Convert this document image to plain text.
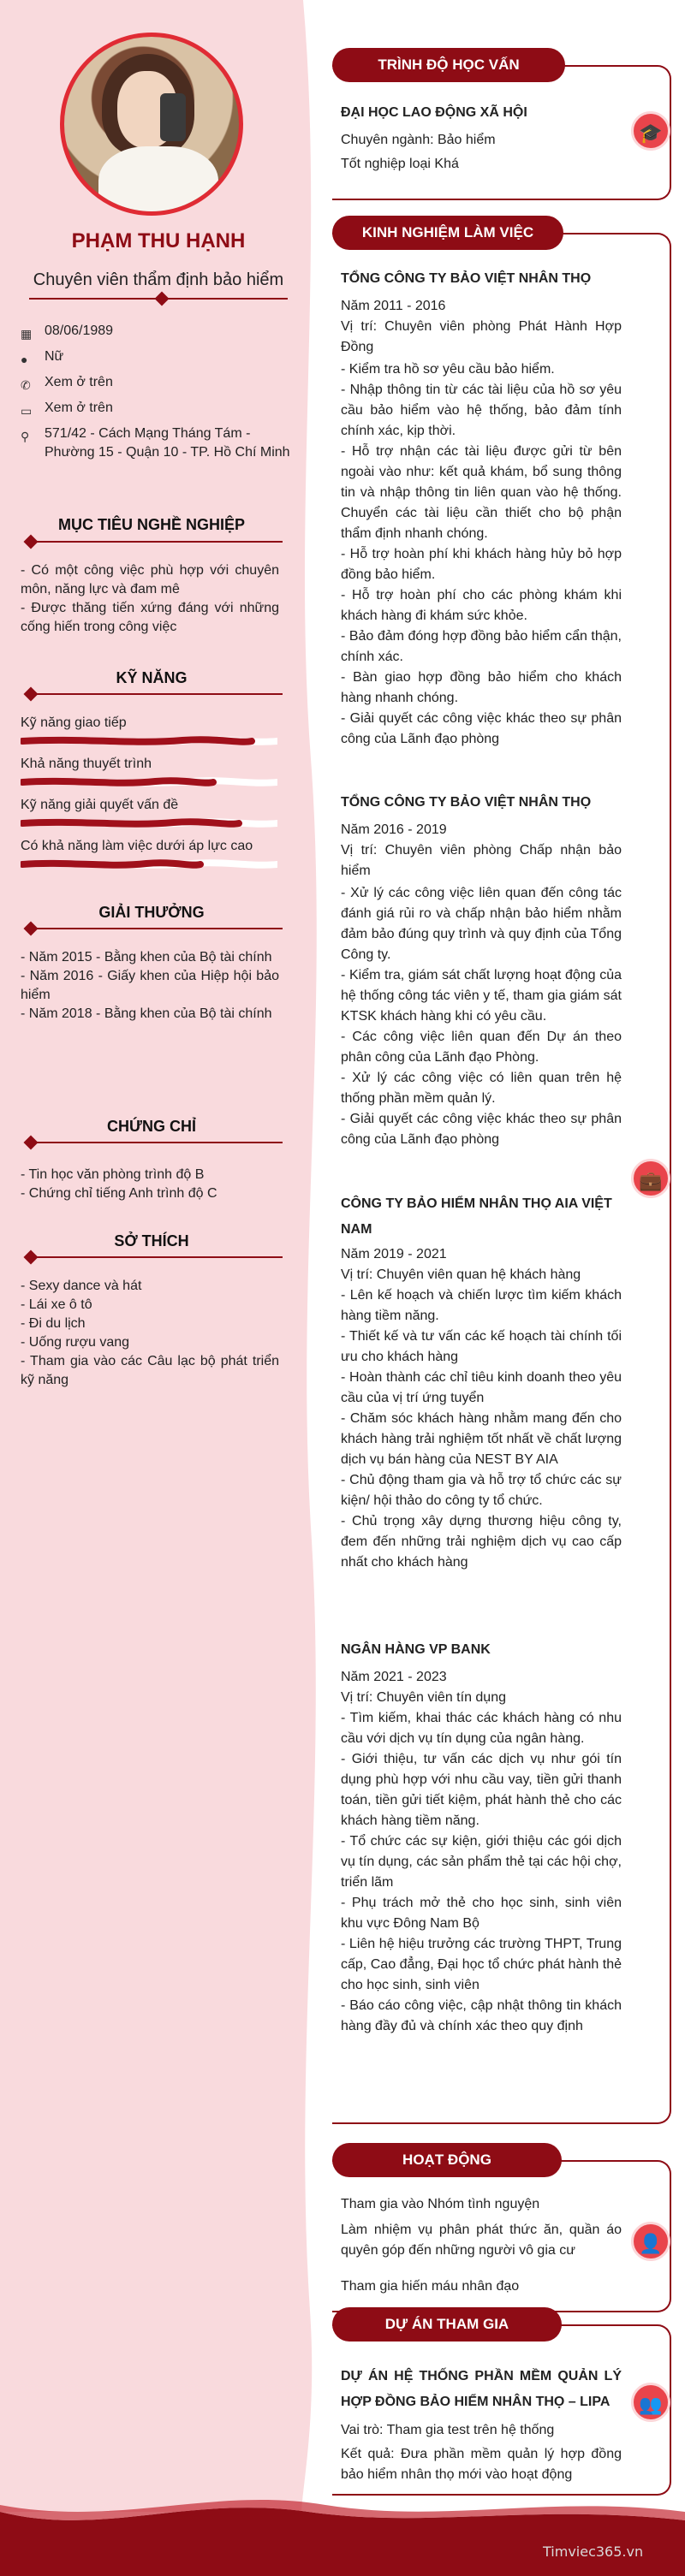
PHẠM THU HẠNH
Chuyên viên thẩm định bảo hiểm
▦ 08/06/1989
●	Nữ
✆ Xem ở trên
▭ Xem ở trên
⚲	571/42 - Cách Mạng Tháng Tám - Phường 15 - Quận 10 - TP. Hồ Chí Minh
MỤC TIÊU NGHỀ NGHIỆP
- Có một công việc phù hợp với chuyên môn, năng lực và đam mê
- Được thăng tiến xứng đáng với những cống hiến trong công việc
KỸ NĂNG
Kỹ năng giao tiếp
Khả năng thuyết trình
Kỹ năng giải quyết vấn đề
Có khả năng làm việc dưới áp lực cao
GIẢI THƯỞNG
- Năm 2015 - Bằng khen của Bộ tài chính
- Năm 2016 - Giấy khen của Hiệp hội bảo hiểm
- Năm 2018 - Bằng khen của Bộ tài chính
CHỨNG CHỈ
- Tin học văn phòng trình độ B
- Chứng chỉ tiếng Anh trình độ C
SỞ THÍCH
- Sexy dance và hát
- Lái xe ô tô
- Đi du lịch
- Uống rượu vang
- Tham gia vào các Câu lạc bộ phát triển kỹ năng
TRÌNH ĐỘ HỌC VẤN
🎓
ĐẠI HỌC LAO ĐỘNG XÃ HỘI
Chuyên ngành: Bảo hiểm
Tốt nghiệp loại Khá
KINH NGHIỆM LÀM VIỆC
💼
TỔNG CÔNG TY BẢO VIỆT NHÂN THỌ
Năm 2011 - 2016
Vị trí: Chuyên viên phòng Phát Hành Hợp Đồng
- Kiểm tra hồ sơ yêu cầu bảo hiểm.
- Nhập thông tin từ các tài liệu của hồ sơ yêu cầu bảo hiểm vào hệ thống, bảo đảm tính chính xác, kịp thời.
- Hỗ trợ nhận các tài liệu được gửi từ bên ngoài vào như: kết quả khám, bổ sung thông tin và nhập thông tin liên quan vào hệ thống. Chuyển các tài liệu cần thiết cho bộ phận thẩm định nhanh chóng.
- Hỗ trợ hoàn phí khi khách hàng hủy bỏ hợp đồng bảo hiểm.
- Hỗ trợ hoàn phí cho các phòng khám khi khách hàng đi khám sức khỏe.
- Bảo đảm đóng hợp đồng bảo hiểm cẩn thận, chính xác.
- Bàn giao hợp đồng bảo hiểm cho khách hàng nhanh chóng.
- Giải quyết các công việc khác theo sự phân công của Lãnh đạo phòng
TỔNG CÔNG TY BẢO VIỆT NHÂN THỌ
Năm 2016 - 2019
Vị trí: Chuyên viên phòng Chấp nhận bảo hiểm
- Xử lý các công việc liên quan đến công tác đánh giá rủi ro và chấp nhận bảo hiểm nhằm đảm bảo đúng quy trình và quy định của Tổng Công ty.
- Kiểm tra, giám sát chất lượng hoạt động của hệ thống công tác viên y tế, tham gia giám sát KTSK khách hàng khi có yêu cầu.
- Các công việc liên quan đến Dự án theo phân công của Lãnh đạo Phòng.
- Xử lý các công việc có liên quan trên hệ thống phần mềm quản lý.
- Giải quyết các công việc khác theo sự phân công của Lãnh đạo phòng
CÔNG TY BẢO HIỂM NHÂN THỌ AIA VIỆT NAM
Năm 2019 - 2021
Vị trí: Chuyên viên quan hệ khách hàng
- Lên kế hoạch và chiến lược tìm kiếm khách hàng tiềm năng.
- Thiết kế và tư vấn các kế hoạch tài chính tối ưu cho khách hàng
- Hoàn thành các chỉ tiêu kinh doanh theo yêu cầu của vị trí ứng tuyển
- Chăm sóc khách hàng nhằm mang đến cho khách hàng trải nghiệm tốt nhất về chất lượng dịch vụ bán hàng của NEST BY AIA
- Chủ động tham gia và hỗ trợ tổ chức các sự kiện/ hội thảo do công ty tổ chức.
- Chủ trọng xây dựng thương hiệu công ty, đem đến những trải nghiệm dịch vụ cao cấp nhất cho khách hàng
NGÂN HÀNG VP BANK
Năm 2021 - 2023
Vị trí: Chuyên viên tín dụng
- Tìm kiếm, khai thác các khách hàng có nhu cầu với dịch vụ tín dụng của ngân hàng.
- Giới thiệu, tư vấn các dịch vụ như gói tín dụng phù hợp với nhu cầu vay, tiền gửi thanh toán, tiền gửi tiết kiệm, phát hành thẻ cho các khách hàng tiềm năng.
- Tổ chức các sự kiện, giới thiệu các gói dịch vụ tín dụng, các sản phẩm thẻ tại các hội chợ, triển lãm
- Phụ trách mở thẻ cho học sinh, sinh viên khu vực Đông Nam Bộ
- Liên hệ hiệu trưởng các trường THPT, Trung cấp, Cao đẳng, Đại học tổ chức phát hành thẻ cho học sinh, sinh viên
- Báo cáo công việc, cập nhật thông tin khách hàng đầy đủ và chính xác theo quy định
HOẠT ĐỘNG
👤
Tham gia vào Nhóm tình nguyện
Làm nhiệm vụ phân phát thức ăn, quần áo quyên góp đến những người vô gia cư
Tham gia hiến máu nhân đạo
DỰ ÁN THAM GIA
👥
DỰ ÁN HỆ THỐNG PHẦN MỀM QUẢN LÝ HỢP ĐỒNG BẢO HIỂM NHÂN THỌ – LIPA
Vai trò: Tham gia test trên hệ thống
Kết quả: Đưa phần mềm quản lý hợp đồng bảo hiểm nhân thọ mới vào hoạt động
Timviec365.vn
